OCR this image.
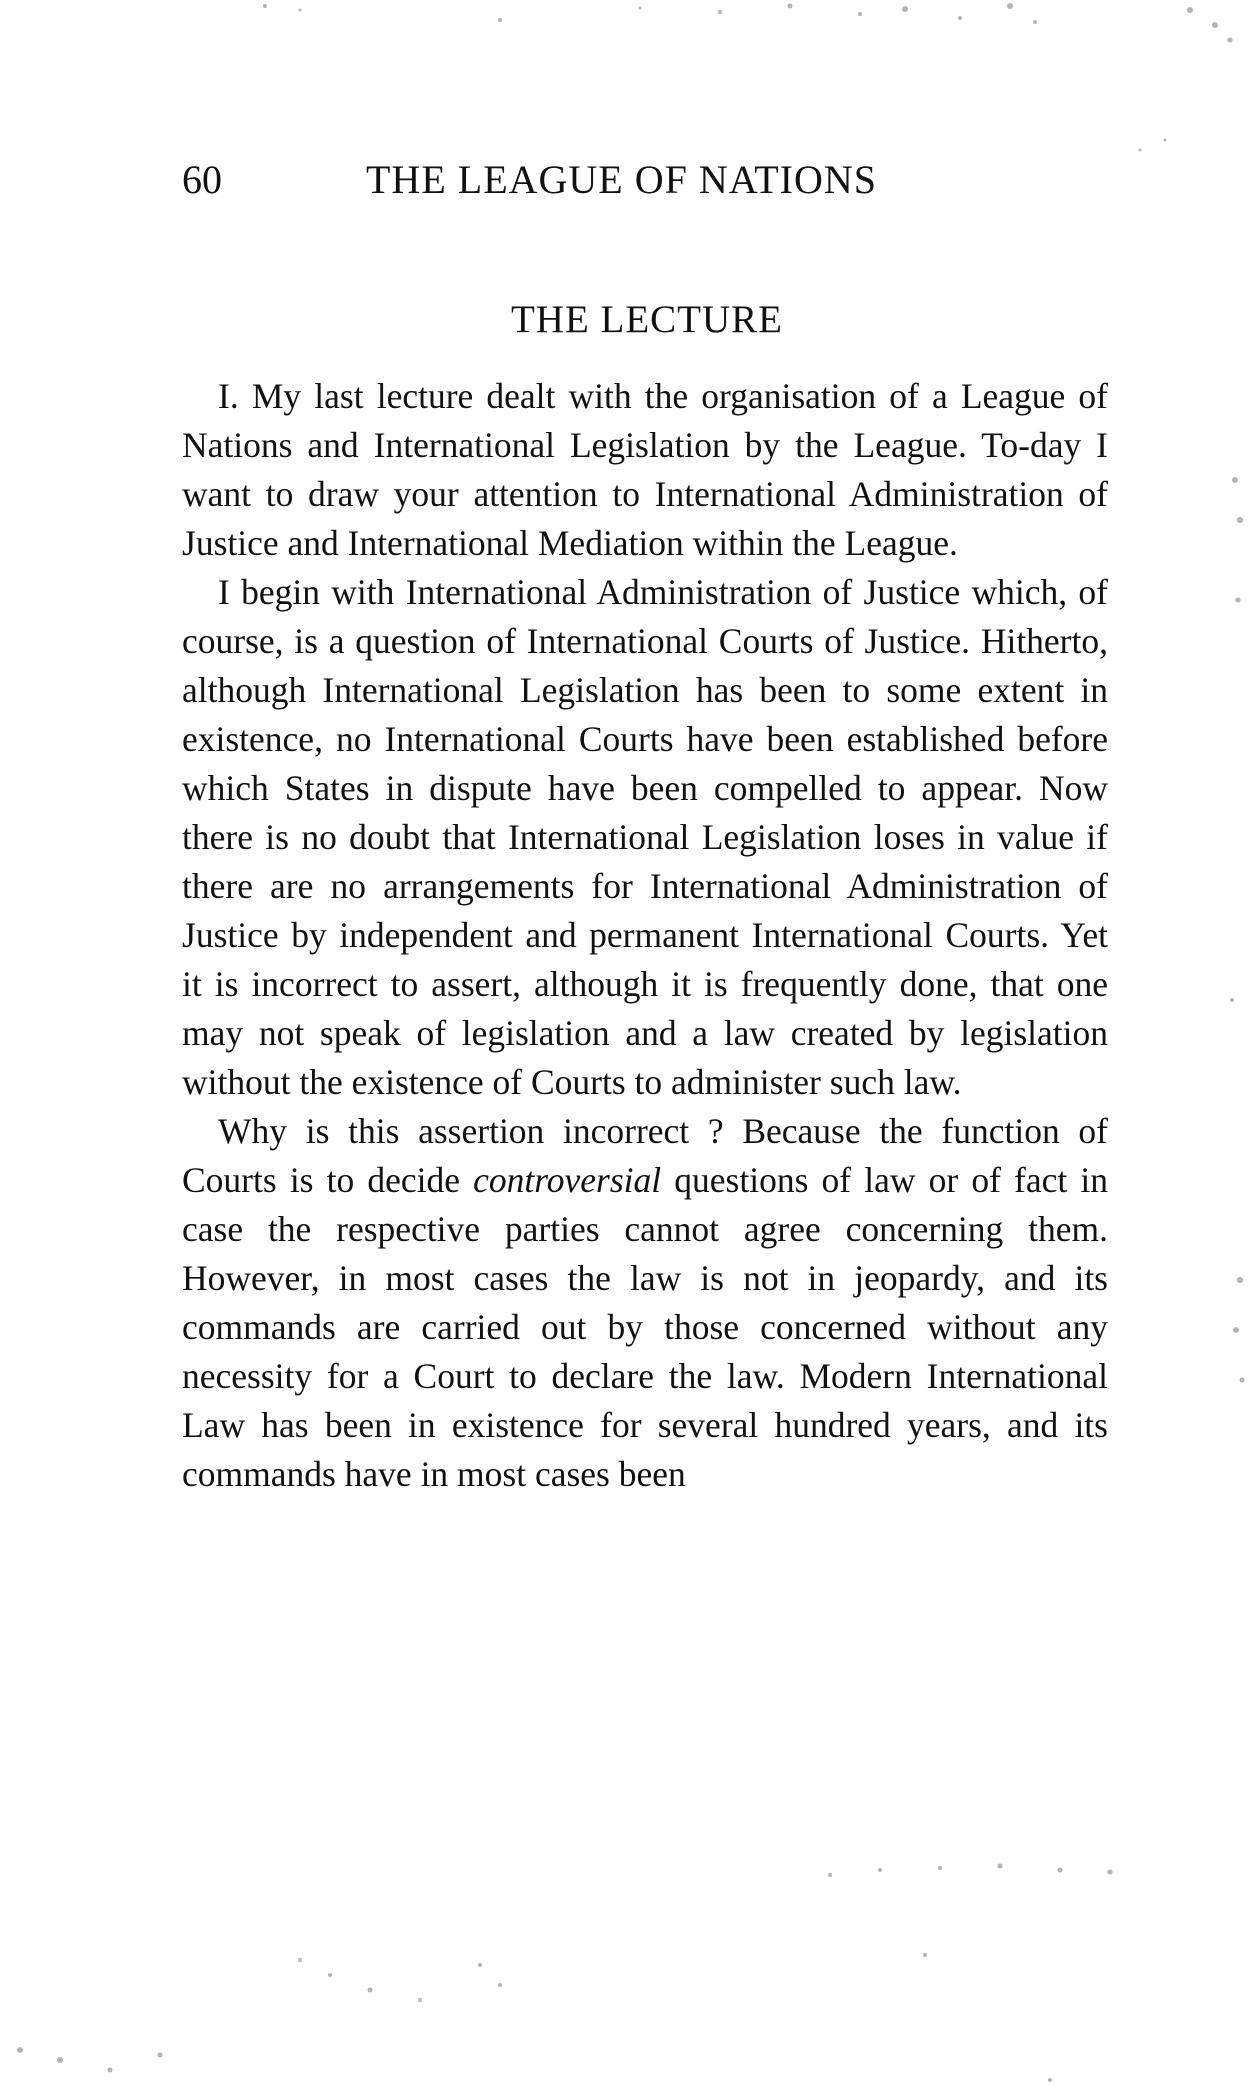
60	THE LEAGUE OF NATIONS
THE LECTURE

I. My last lecture dealt with the organisation of a League of Nations and International Legislation by the League. To-day I want to draw your attention to International Administration of Justice and International Mediation within the League.

I begin with International Administration of Justice which, of course, is a question of International Courts of Justice. Hitherto, although International Legislation has been to some extent in existence, no International Courts have been established before which States in dispute have been compelled to appear. Now there is no doubt that International Legislation loses in value if there are no arrangements for International Administration of Justice by independent and permanent International Courts. Yet it is incorrect to assert, although it is frequently done, that one may not speak of legislation and a law created by legislation without the existence of Courts to administer such law.

Why is this assertion incorrect ? Because the function of Courts is to decide controversial questions of law or of fact in case the respective parties cannot agree concerning them. However, in most cases the law is not in jeopardy, and its commands are carried out by those concerned without any necessity for a Court to declare the law. Modern International Law has been in existence for several hundred years, and its commands have in most cases been
